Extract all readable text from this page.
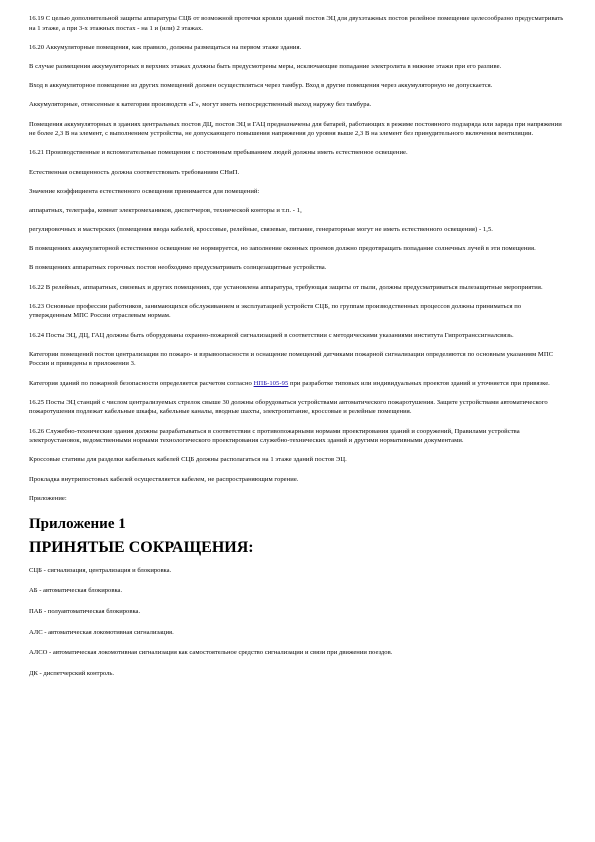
16.19 С целью дополнительной защиты аппаратуры СЦБ от возможной протечки кровли зданий постов ЭЦ для двухэтажных постов релейное помещение целесообразно предусматривать на 1 этаже, а при 3-х этажных постах - на 1 и (или) 2 этажах.

16.20 Аккумуляторные помещения, как правило, должны размещаться на первом этаже здания.

В случае размещения аккумуляторных в верхних этажах должны быть предусмотрены меры, исключающие попадание электролита в нижние этажи при его разливе.

Вход в аккумуляторное помещение из других помещений должен осуществляться через тамбур. Вход в другие помещения через аккумуляторную не допускается.

Аккумуляторные, отнесенные к категории производств «Г», могут иметь непосредственный выход наружу без тамбура.

Помещения аккумуляторных в зданиях центральных постов ДЦ, постов ЭЦ и ГАЦ предназначены для батарей, работающих в режиме постоянного подзаряда или заряда при напряжении не более 2,3 В на элемент, с выполнением устройства, не допускающего повышения напряжения до уровня выше 2,3 В на элемент без принудительного включения вентиляции.

16.21 Производственные и вспомогательные помещения с постоянным пребыванием людей должны иметь естественное освещение.

Естественная освещенность должна соответствовать требованиям СНиП.

Значение коэффициента естественного освещения принимается для помещений:

аппаратных, телеграфа, комнат электромехаников, диспетчеров, технической конторы и т.п. - 1,

регулировочных и мастерских (помещения ввода кабелей, кроссовые, релейные, связевые, питание, генераторные могут не иметь естественного освещения) - 1,5.

В помещениях аккумуляторной естественное освещение не нормируется, но заполнение оконных проемов должно предотвращать попадание солнечных лучей в эти помещения.

В помещениях аппаратных горочных постов необходимо предусматривать солнцезащитные устройства.

16.22 В релейных, аппаратных, связевых и других помещениях, где установлена аппаратура, требующая защиты от пыли, должны предусматриваться пылезащитные мероприятия.

16.23 Основные профессии работников, занимающихся обслуживанием и эксплуатацией устройств СЦБ, по группам производственных процессов должны приниматься по утвержденным МПС России отраслевым нормам.

16.24 Посты ЭЦ, ДЦ, ГАЦ должны быть оборудованы охранно-пожарной сигнализацией в соответствии с методическими указаниями института Гипротранссигналсвязь.

Категории помещений постов централизации по пожаро- и взрывоопасности и оснащение помещений датчиками пожарной сигнализации определяются по основным указаниям МПС России и приведены в приложении 3.

Категория зданий по пожарной безопасности определяется расчетом согласно НПБ-105-95 при разработке типовых или индивидуальных проектов зданий и уточняется при привязке.

16.25 Посты ЭЦ станций с числом централизуемых стрелок свыше 30 должны оборудоваться устройствами автоматического пожаротушения. Защите устройствами автоматического пожаротушения подлежат кабельные шкафы, кабельные каналы, вводные шахты, электропитание, кроссовые и релейные помещения.

16.26 Служебно-технические здания должны разрабатываться в соответствии с противопожарными нормами проектирования зданий и сооружений, Правилами устройства электроустановок, ведомственными нормами технологического проектирования служебно-технических зданий и другими нормативными документами.

Кроссовые стативы для разделки кабельных кабелей СЦБ должны располагаться на 1 этаже зданий постов ЭЦ.

Прокладка внутрипостовых кабелей осуществляется кабелем, не распространяющим горение.

Приложение:

Приложение 1
ПРИНЯТЫЕ СОКРАЩЕНИЯ:

СЦБ - сигнализация, централизация и блокировка.

АБ - автоматическая блокировка.

ПАБ - полуавтоматическая блокировка.

АЛС - автоматическая локомотивная сигнализация.

АЛСО - автоматическая локомотивная сигнализация как самостоятельное средство сигнализации и связи при движении поездов.

ДК - диспетчерский контроль.
